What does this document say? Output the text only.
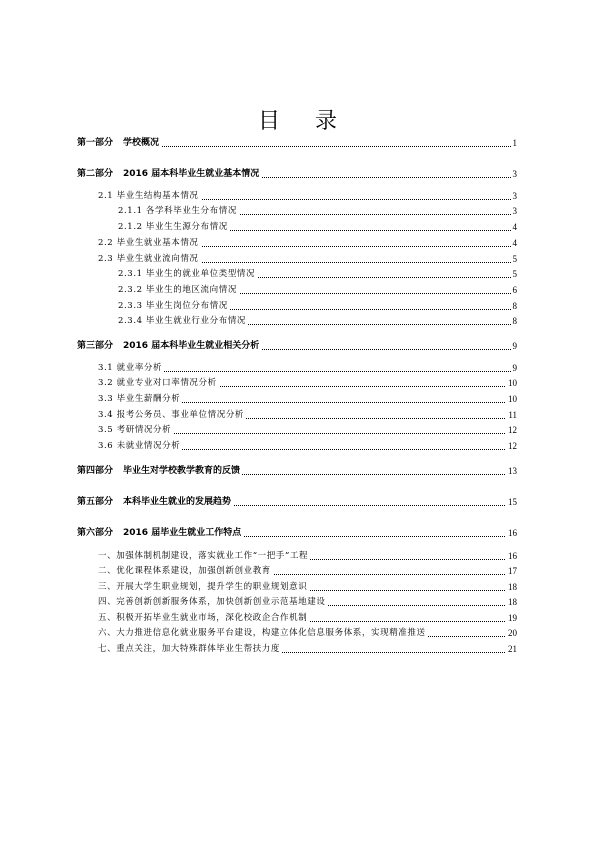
目 录
第一部分 学校概况	1
第二部分 2016 届本科毕业生就业基本情况	3
2.1 毕业生结构基本情况	3
2.1.1 各学科毕业生分布情况	3
2.1.2 毕业生生源分布情况	4
2.2 毕业生就业基本情况	4
2.3 毕业生就业流向情况	5
2.3.1 毕业生的就业单位类型情况	5
2.3.2 毕业生的地区流向情况	6
2.3.3 毕业生岗位分布情况	8
2.3.4 毕业生就业行业分布情况	8
第三部分 2016 届本科毕业生就业相关分析	9
3.1 就业率分析	9
3.2 就业专业对口率情况分析	10
3.3 毕业生薪酬分析	10
3.4 报考公务员、事业单位情况分析	11
3.5 考研情况分析	12
3.6 未就业情况分析	12
第四部分 毕业生对学校教学教育的反馈	13
第五部分 本科毕业生就业的发展趋势	15
第六部分 2016 届毕业生就业工作特点	16
一、加强体制机制建设，落实就业工作“一把手”工程	16
二、优化课程体系建设，加强创新创业教育	17
三、开展大学生职业规划，提升学生的职业规划意识	18
四、完善创新创新服务体系，加快创新创业示范基地建设	18
五、积极开拓毕业生就业市场，深化校政企合作机制	19
六、大力推进信息化就业服务平台建设，构建立体化信息服务体系，实现精准推送	20
七、重点关注，加大特殊群体毕业生帮扶力度	21
